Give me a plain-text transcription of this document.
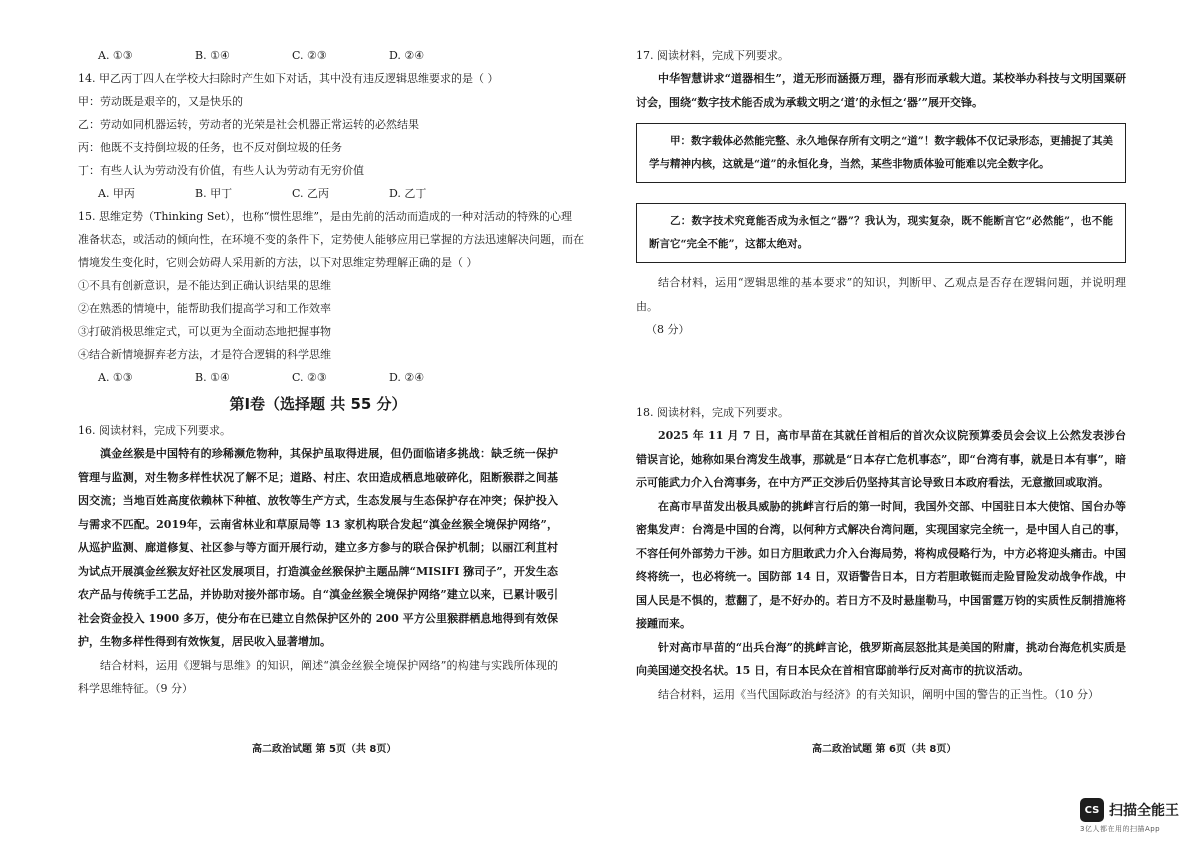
A. ①③	B. ①④	C. ②③	D. ②④
14. 甲乙丙丁四人在学校大扫除时产生如下对话，其中没有违反逻辑思维要求的是（ ）
甲：劳动既是艰辛的，又是快乐的
乙：劳动如同机器运转，劳动者的光荣是社会机器正常运转的必然结果
丙：他既不支持倒垃圾的任务，也不反对倒垃圾的任务
丁：有些人认为劳动没有价值，有些人认为劳动有无穷价值
A. 甲丙	B. 甲丁	C. 乙丙	D. 乙丁
15. 思维定势（Thinking Set），也称“惯性思维”，是由先前的活动而造成的一种对活动的特殊的心理
准备状态，或活动的倾向性，在环境不变的条件下，定势使人能够应用已掌握的方法迅速解决问题，而在
情境发生变化时，它则会妨碍人采用新的方法，以下对思维定势理解正确的是（ ）
①不具有创新意识，是不能达到正确认识结果的思维
②在熟悉的情境中，能帮助我们提高学习和工作效率
③打破消极思维定式，可以更为全面动态地把握事物
④结合新情境摒弃老方法，才是符合逻辑的科学思维
A. ①③	B. ①④	C. ②③	D. ②④
第Ⅰ卷（选择题 共 55 分）
16. 阅读材料，完成下列要求。
滇金丝猴是中国特有的珍稀濒危物种，其保护虽取得进展，但仍面临诸多挑战：缺乏统一保护管理与监测，对生物多样性状况了解不足；道路、村庄、农田造成栖息地破碎化，阻断猴群之间基因交流；当地百姓高度依赖林下种植、放牧等生产方式，生态发展与生态保护存在冲突；保护投入与需求不匹配。2019年，云南省林业和草原局等 13 家机构联合发起“滇金丝猴全境保护网络”，从巡护监测、廊道修复、社区参与等方面开展行动，建立多方参与的联合保护机制；以丽江利苴村为试点开展滇金丝猴友好社区发展项目，打造滇金丝猴保护主题品牌“MISIFI 猕司子”，开发生态农产品与传统手工艺品，并协助对接外部市场。自“滇金丝猴全境保护网络”建立以来，已累计吸引社会资金投入 1900 多万，使分布在已建立自然保护区外的 200 平方公里猴群栖息地得到有效保护，生物多样性得到有效恢复，居民收入显著增加。
结合材料，运用《逻辑与思维》的知识，阐述“滇金丝猴全境保护网络”的构建与实践所体现的科学思维特征。（9 分）
高二政治试题 第 5页（共 8页）
17. 阅读材料，完成下列要求。
中华智慧讲求“道器相生”，道无形而涵摄万理，器有形而承载大道。某校举办科技与文明国粟研讨会，围绕“数字技术能否成为承载文明之‘道’的永恒之‘器’”展开交锋。
甲：数字载体必然能完整、永久地保存所有文明之“道”！数字载体不仅记录形态，更捕捉了其美学与精神内核，这就是“道”的永恒化身，当然，某些非物质体验可能难以完全数字化。
乙：数字技术究竟能否成为永恒之“器”？我认为，现实复杂，既不能断言它“必然能”，也不能断言它“完全不能”，这都太绝对。
结合材料，运用“逻辑思维的基本要求”的知识，判断甲、乙观点是否存在逻辑问题，并说明理由。
（8 分）
18. 阅读材料，完成下列要求。
2025 年 11 月 7 日，高市早苗在其就任首相后的首次众议院预算委员会会议上公然发表涉台错误言论，她称如果台湾发生战事，那就是“日本存亡危机事态”，即“台湾有事，就是日本有事”，暗示可能武力介入台湾事务，在中方严正交涉后仍坚持其言论导致日本政府看法，无意撤回或取消。
在高市早苗发出极具威胁的挑衅言行后的第一时间，我国外交部、中国驻日本大使馆、国台办等密集发声：台湾是中国的台湾，以何种方式解决台湾问题，实现国家完全统一，是中国人自己的事，不容任何外部势力干涉。如日方胆敢武力介入台海局势，将构成侵略行为，中方必将迎头痛击。中国终将统一，也必将统一。国防部 14 日，双语警告日本，日方若胆敢铤而走险冒险发动战争作战，中国人民是不惧的，惹翻了，是不好办的。若日方不及时悬崖勒马，中国雷霆万钧的实质性反制措施将接踵而来。
针对高市早苗的“出兵台海”的挑衅言论，俄罗斯高层怒批其是美国的附庸，挑动台海危机实质是向美国递交投名状。15 日，有日本民众在首相官邸前举行反对高市的抗议活动。
结合材料，运用《当代国际政治与经济》的有关知识，阐明中国的警告的正当性。（10 分）
高二政治试题 第 6页（共 8页）
CS 扫描全能王
3亿人都在用的扫描App
